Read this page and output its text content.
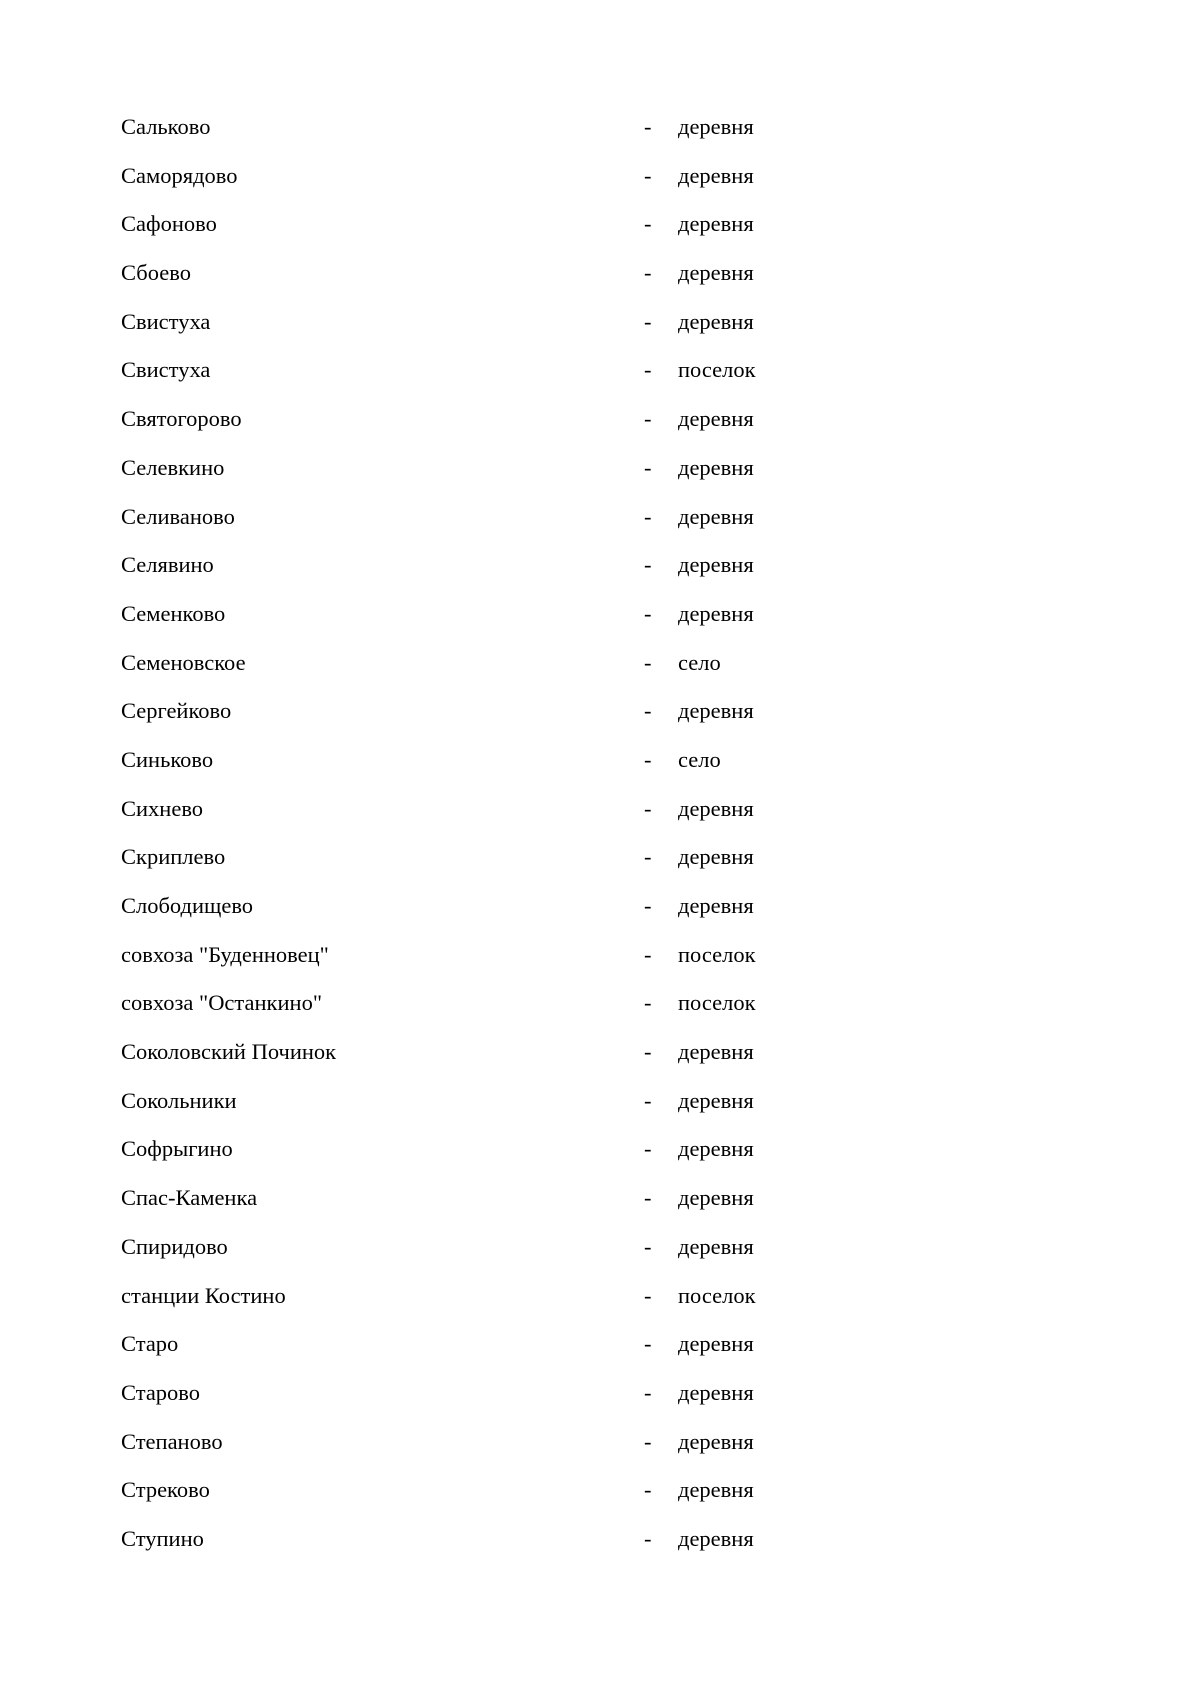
Сальково	- деревня
Саморядово	- деревня
Сафоново	- деревня
Сбоево	- деревня
Свистуха	- деревня
Свистуха	- поселок
Святогорово	- деревня
Селевкино	- деревня
Селиваново	- деревня
Селявино	- деревня
Семенково	- деревня
Семеновское	- село
Сергейково	- деревня
Синьково	- село
Сихнево	- деревня
Скриплево	- деревня
Слободищево	- деревня
совхоза "Буденновец"	- поселок
совхоза "Останкино"	- поселок
Соколовский Починок	- деревня
Сокольники	- деревня
Софрыгино	- деревня
Спас-Каменка	- деревня
Спиридово	- деревня
станции Костино	- поселок
Старо	- деревня
Старово	- деревня
Степаново	- деревня
Стреково	- деревня
Ступино	- деревня
